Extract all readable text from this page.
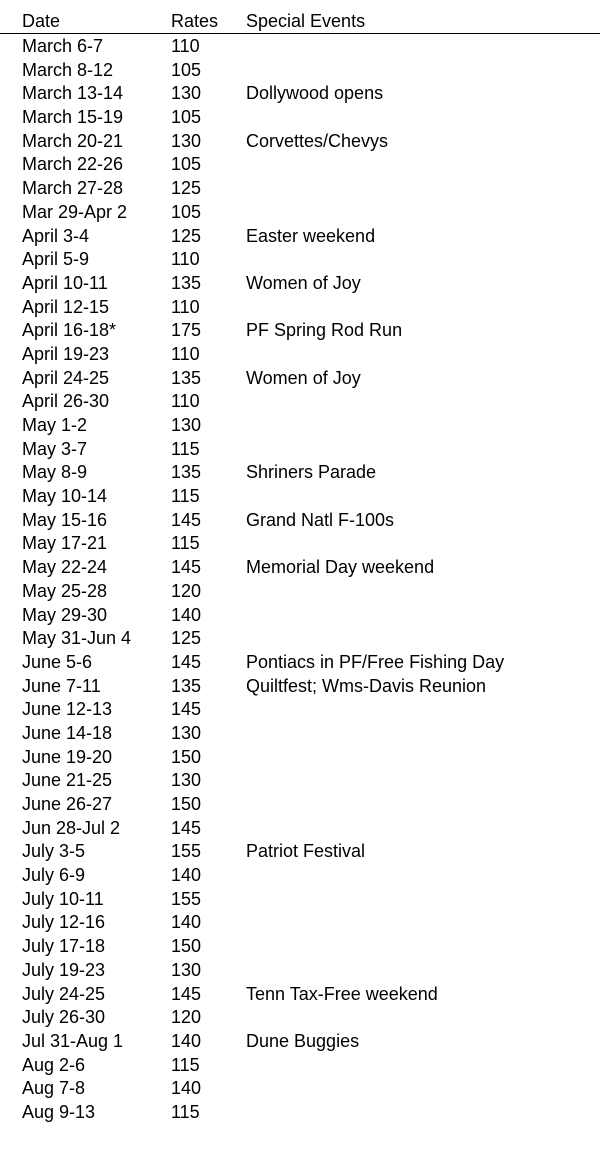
Date	Rates Special Events
March 6-7	110
March 8-12	105
March 13-14	130 Dollywood opens
March 15-19	105
March 20-21	130 Corvettes/Chevys
March 22-26	105
March 27-28	125
Mar 29-Apr 2 105
April 3-4	125 Easter weekend
April 5-9	110
April 10-11	135 Women of Joy
April 12-15	110
April 16-18*	175 PF Spring Rod Run
April 19-23	110
April 24-25	135 Women of Joy
April 26-30	110
May 1-2	130
May 3-7	115
May 8-9	135 Shriners Parade
May 10-14	115
May 15-16	145 Grand Natl F-100s
May 17-21	115
May 22-24	145 Memorial Day weekend
May 25-28	120
May 29-30	140
May 31-Jun 4 125
June 5-6	145 Pontiacs in PF/Free Fishing Day
June 7-11	135 Quiltfest; Wms-Davis Reunion
June 12-13	145
June 14-18	130
June 19-20	150
June 21-25	130
June 26-27	150
Jun 28-Jul 2	145
July 3-5	155 Patriot Festival
July 6-9	140
July 10-11	155
July 12-16	140
July 17-18	150
July 19-23	130
July 24-25	145 Tenn Tax-Free weekend
July 26-30	120
Jul 31-Aug 1	140 Dune Buggies
Aug 2-6	115
Aug 7-8	140
Aug 9-13	115
